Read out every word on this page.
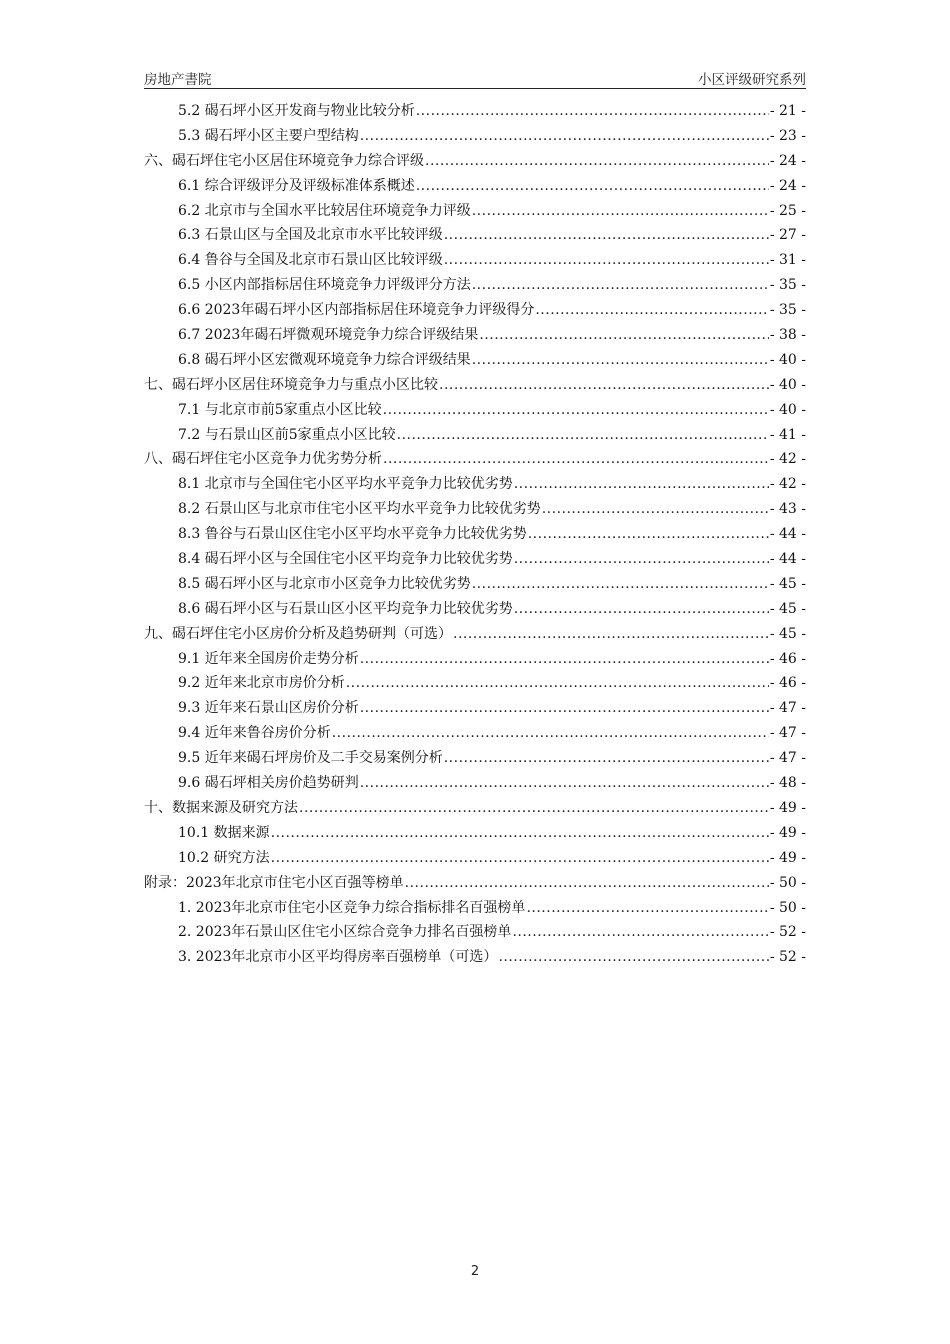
房地产書院	小区评级研究系列
5.2 碣石坪小区开发商与物业比较分析 .....	- 21 -
5.3 碣石坪小区主要户型结构 .....	- 23 -
六、碣石坪住宅小区居住环境竞争力综合评级 .....	- 24 -
6.1 综合评级评分及评级标准体系概述 .....	- 24 -
6.2 北京市与全国水平比较居住环境竞争力评级 .....	- 25 -
6.3 石景山区与全国及北京市水平比较评级 .....	- 27 -
6.4 鲁谷与全国及北京市石景山区比较评级 .....	- 31 -
6.5 小区内部指标居住环境竞争力评级评分方法 .....	- 35 -
6.6 2023年碣石坪小区内部指标居住环境竞争力评级得分 .....	- 35 -
6.7 2023年碣石坪微观环境竞争力综合评级结果 .....	- 38 -
6.8 碣石坪小区宏微观环境竞争力综合评级结果 .....	- 40 -
七、碣石坪小区居住环境竞争力与重点小区比较 .....	- 40 -
7.1 与北京市前5家重点小区比较 .....	- 40 -
7.2 与石景山区前5家重点小区比较 .....	- 41 -
八、碣石坪住宅小区竞争力优劣势分析 .....	- 42 -
8.1 北京市与全国住宅小区平均水平竞争力比较优劣势 .....	- 42 -
8.2 石景山区与北京市住宅小区平均水平竞争力比较优劣势 .....	- 43 -
8.3 鲁谷与石景山区住宅小区平均水平竞争力比较优劣势 .....	- 44 -
8.4 碣石坪小区与全国住宅小区平均竞争力比较优劣势 .....	- 44 -
8.5 碣石坪小区与北京市小区竞争力比较优劣势 .....	- 45 -
8.6 碣石坪小区与石景山区小区平均竞争力比较优劣势 .....	- 45 -
九、碣石坪住宅小区房价分析及趋势研判（可选） .....	- 45 -
9.1 近年来全国房价走势分析 .....	- 46 -
9.2 近年来北京市房价分析 .....	- 46 -
9.3 近年来石景山区房价分析 .....	- 47 -
9.4 近年来鲁谷房价分析 .....	- 47 -
9.5 近年来碣石坪房价及二手交易案例分析 .....	- 47 -
9.6 碣石坪相关房价趋势研判 .....	- 48 -
十、数据来源及研究方法 .....	- 49 -
10.1 数据来源 .....	- 49 -
10.2 研究方法 .....	- 49 -
附录：2023年北京市住宅小区百强等榜单 .....	- 50 -
1. 2023年北京市住宅小区竞争力综合指标排名百强榜单 .....	- 50 -
2. 2023年石景山区住宅小区综合竞争力排名百强榜单 .....	- 52 -
3. 2023年北京市小区平均得房率百强榜单（可选） .....	- 52 -
2
